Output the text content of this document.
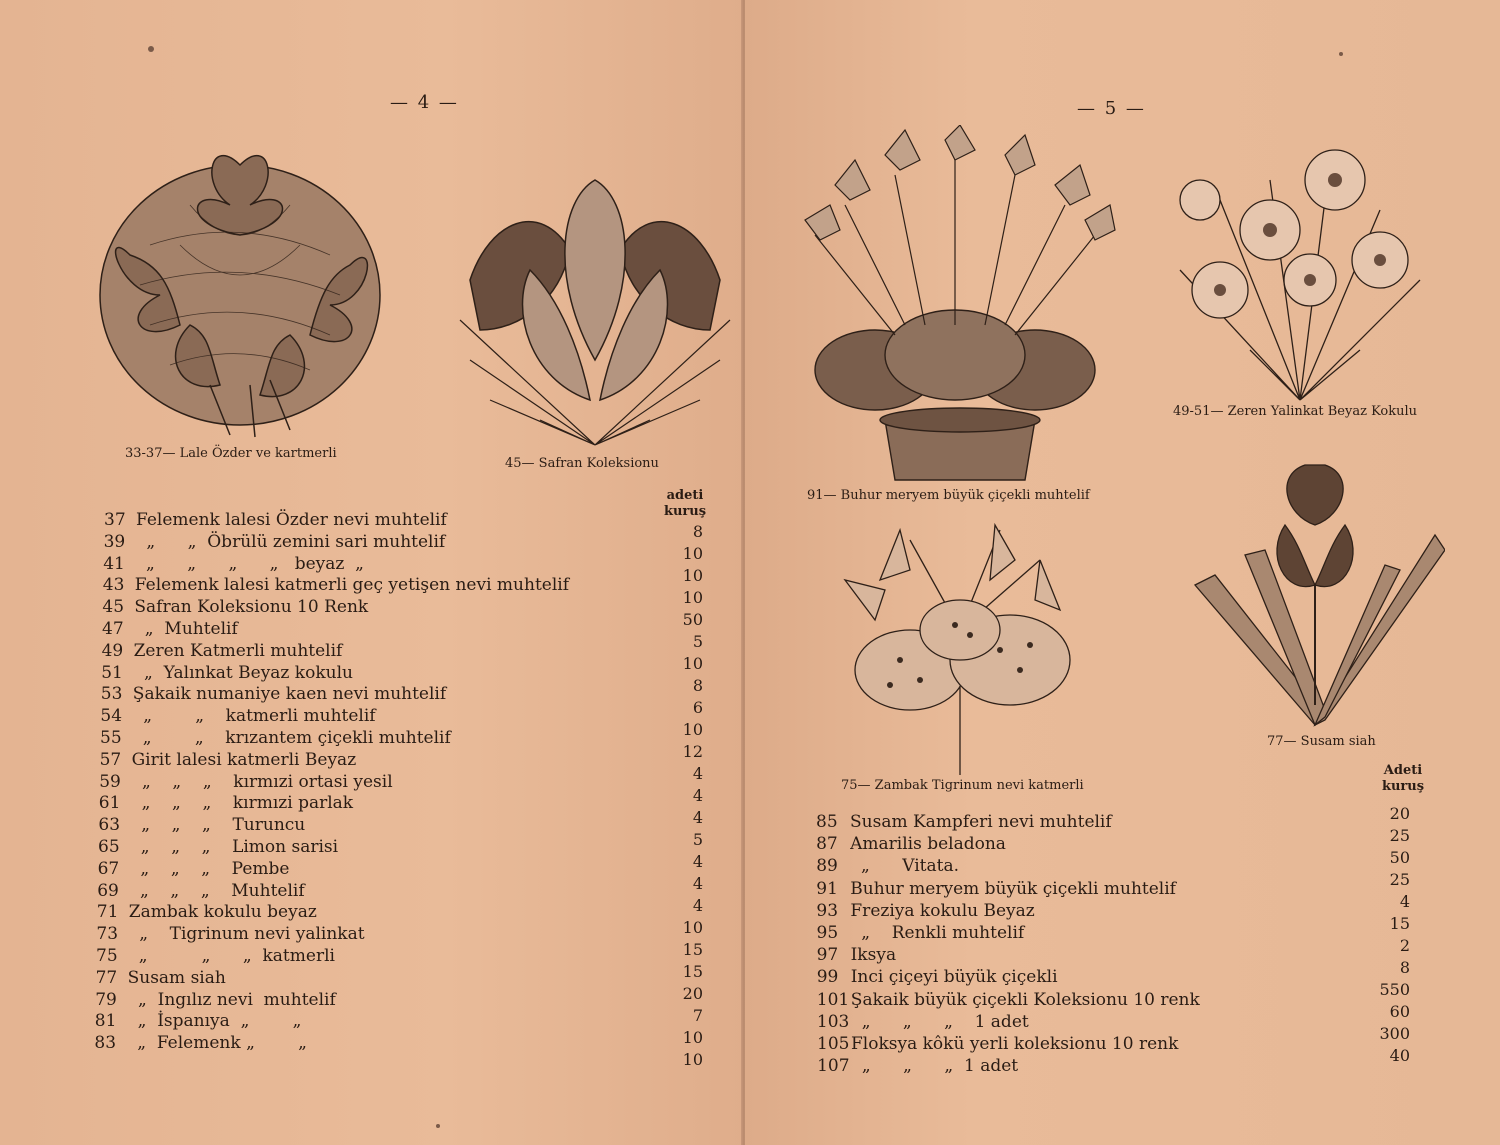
— 4 —
33-37— Lale Özder ve kartmerli
45— Safran Koleksionu
adeti
kuruş
37 Felemenk lalesi Özder nevi muhtelif
39  „      „  Öbrülü zemini sari muhtelif
41  „      „      „      „   beyaz  „
43 Felemenk lalesi katmerli geç yetişen nevi muhtelif
45 Safran Koleksionu 10 Renk
47  „  Muhtelif
49 Zeren Katmerli muhtelif
51  „  Yalınkat Beyaz kokulu
53 Şakaik numaniye kaen nevi muhtelif
54  „        „    katmerli muhtelif
55  „        „    krızantem çiçekli muhtelif
57 Girit lalesi katmerli Beyaz
59  „    „    „    kırmızi ortasi yesil
61  „    „    „    kırmızi parlak
63  „    „    „    Turuncu
65  „    „    „    Limon sarisi
67  „    „    „    Pembe
69  „    „    „    Muhtelif
71 Zambak kokulu beyaz
73  „    Tigrinum nevi yalinkat
75  „          „      „  katmerli
77 Susam siah
79  „  Ingılız nevi  muhtelif
81  „  İspanıya  „        „
83  „  Felemenk „        „
8
10
10
10
50
5
10
8
6
10
12
4
4
4
5
4
4
4
10
15
15
20
7
10
10
— 5 —
91— Buhur meryem büyük çiçekli muhtelif
49-51— Zeren Yalinkat Beyaz Kokulu
75— Zambak Tigrinum nevi katmerli
77— Susam siah
Adeti
kuruş
85 Susam Kampferi nevi muhtelif
87 Amarilis beladona
89  „      Vitata.
91 Buhur meryem büyük çiçekli muhtelif
93 Freziya kokulu Beyaz
95  „    Renkli muhtelif
97 Iksya
99 Inci çiçeyi büyük çiçekli
101Şakaik büyük çiçekli Koleksionu 10 renk
103  „      „      „    1 adet
105Floksya kôkü yerli koleksionu 10 renk
107  „      „      „  1 adet
20
25
50
25
4
15
2
8
550
60
300
40
